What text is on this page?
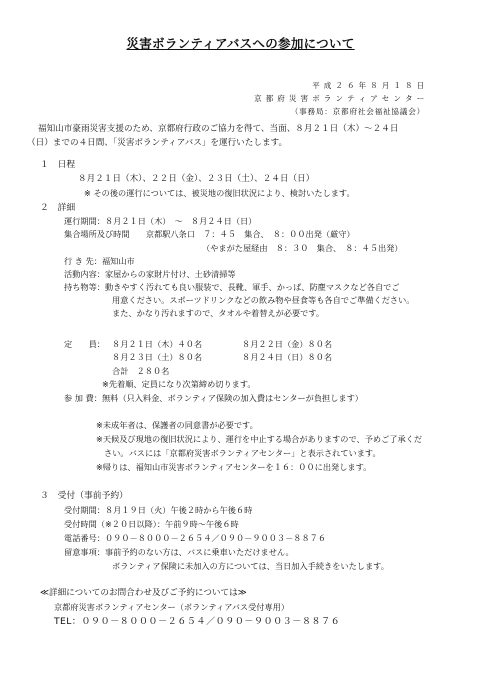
災害ボランティアバスへの参加について
平 成 ２ ６ 年 ８ 月 １ ８ 日
京 都 府 災 害 ボ ラ ン テ ィ ア セ ン タ ー
（事務局：京都府社会福祉協議会）
福知山市豪雨災害支援のため、京都府行政のご協力を得て、当面、８月２１日（木）～２４日
（日）までの４日間、「災害ボランティアバス」を運行いたします。
１　日程
８月２１日（木）、２２日（金）、２３日（土）、２４日（日）
※ その後の運行については、被災地の復旧状況により、検討いたします。
２　詳細
運行期間：８月２１日（木）　～　８月２４日（日）
集合場所及び時間　　京都駅八条口　７：４５　集合、　８：００出発（厳守）
（やまがた屋経由　８：３０　集合、　８：４５出発）
行 き 先：福知山市
活動内容：家屋からの家財片付け、土砂清掃等
持ち物等：動きやすく汚れても良い服装で、長靴、軍手、かっぱ、防塵マスクなど各自でご
用意ください。スポーツドリンクなどの飲み物や昼食等も各自でご準備ください。
また、かなり汚れますので、タオルや着替えが必要です。
定　　員： ８月２１日（木）４０名	８月２２日（金）８０名
８月２３日（土）８０名	８月２４日（日）８０名
合計　２８０名
※先着順、定員になり次第締め切ります。
参 加 費：無料（只入料金、ボランティア保険の加入費はセンターが負担します）
※未成年者は、保護者の同意書が必要です。
※天候及び現地の復旧状況により、運行を中止する場合がありますので、予めご了承くだ
さい。バスには「京都府災害ボランティアセンター」と表示されています。
※帰りは、福知山市災害ボランティアセンターを１６：００に出発します。
３　受付（事前予約）
受付期間：８月１９日（火）午後２時から午後６時
受付時間（※２０日以降）：午前９時～午後６時
電話番号：０９０－８０００－２６５４／０９０－９００３－８８７６
留意事項：事前予約のない方は、バスに乗車いただけません。
ボランティア保険に未加入の方については、当日加入手続きをいたします。
≪詳細についてのお問合わせ及びご予約については≫
京都府災害ボランティアセンター（ボランティアバス受付専用）
TEL：０９０－８０００－２６５４／０９０－９００３－８８７６
